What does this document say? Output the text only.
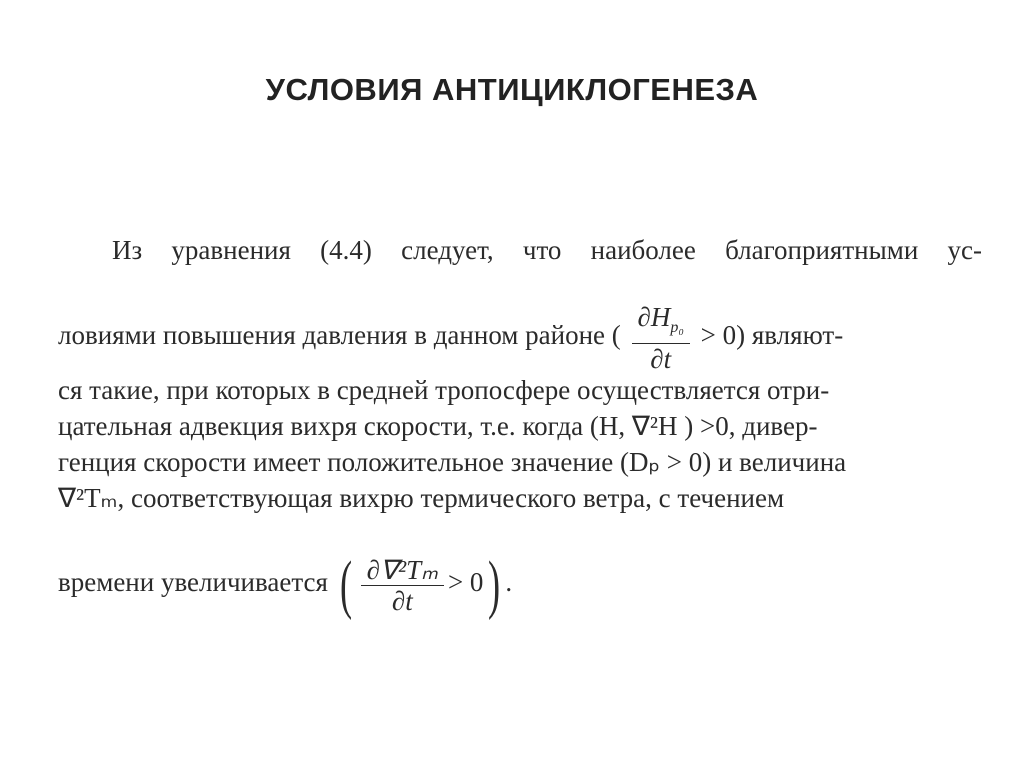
УСЛОВИЯ АНТИЦИКЛОГЕНЕЗА
Из уравнения (4.4) следует, что наиболее благоприятными ус-
ловиями повышения давления в данном районе ( $\frac{\partial H_{p_0}}{\partial t} > 0$) являют-
ся такие, при которых в средней тропосфере осуществляется отри-
цательная адвекция вихря скорости, т.е. когда (H, ∇²H ) >0, дивер-
генция скорости имеет положительное значение (Dₚ > 0) и величина
∇²Tₘ, соответствующая вихрю термического ветра, с течением
времени увеличивается ( $\frac{\text{∂∇²Tₘ}}{\partial t} > 0$) .
